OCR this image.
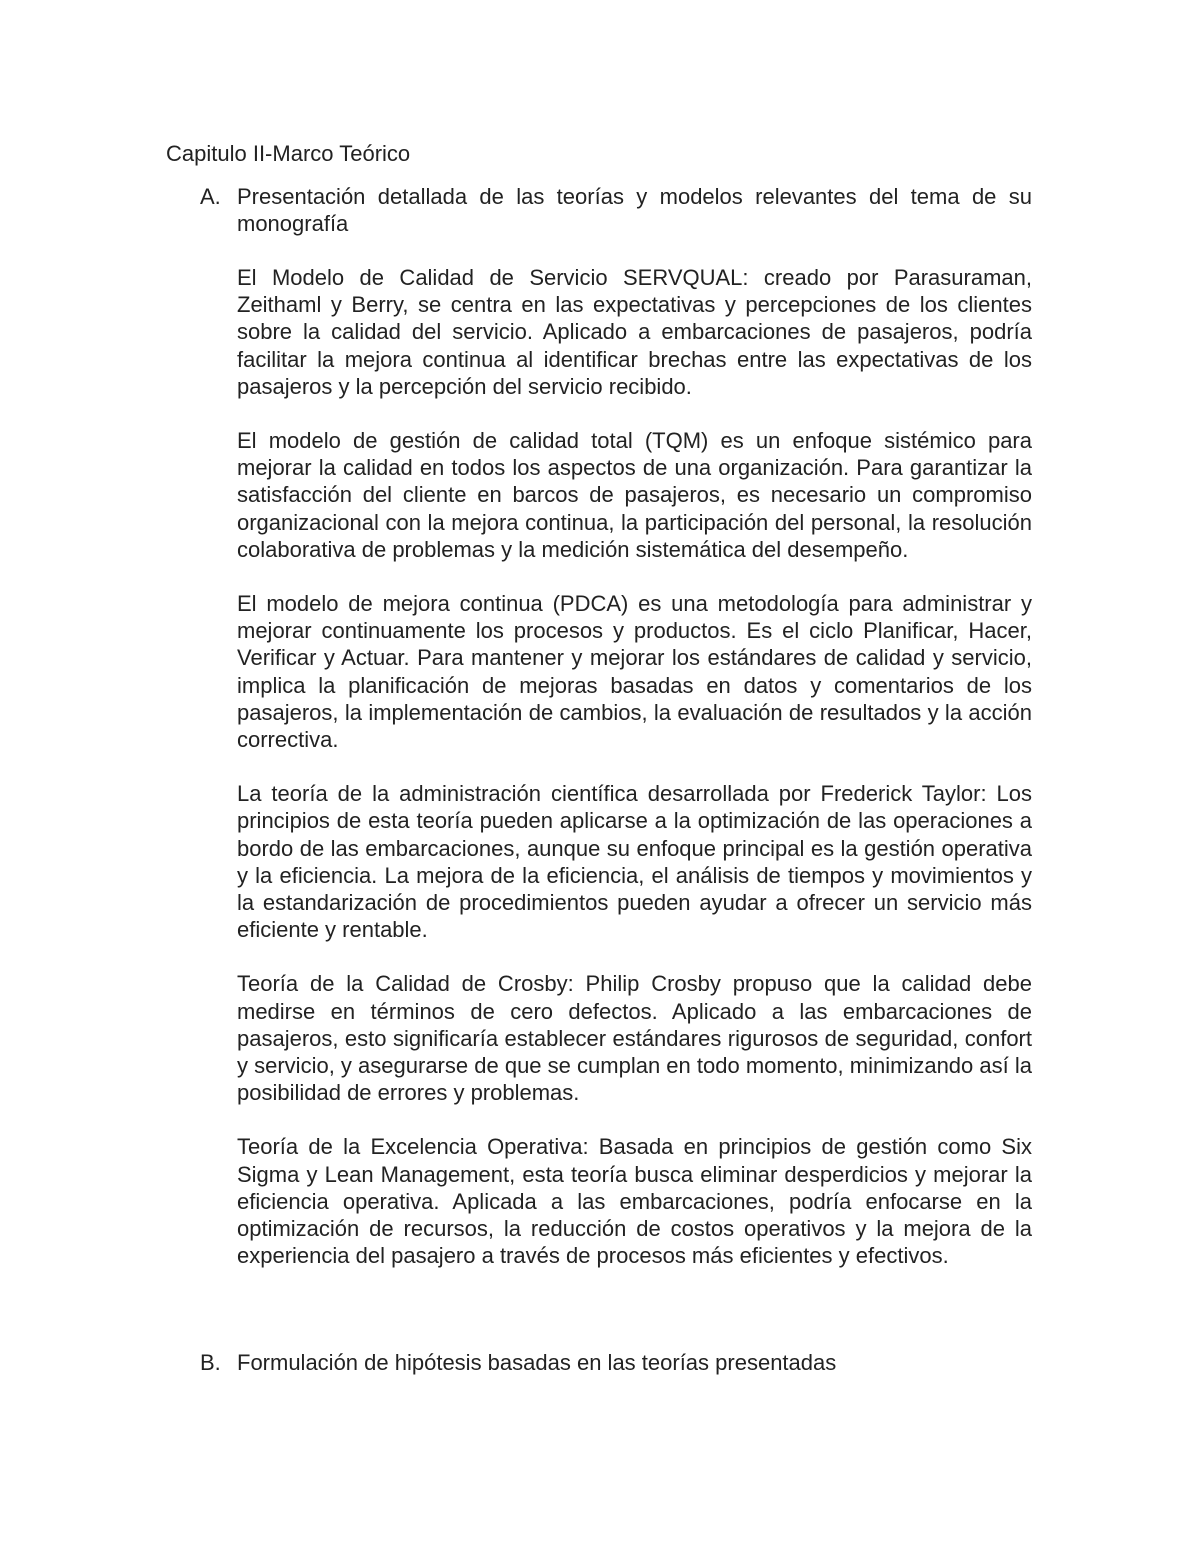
Capitulo II-Marco Teórico

A. Presentación detallada de las teorías y modelos relevantes del tema de su monografía

El Modelo de Calidad de Servicio SERVQUAL: creado por Parasuraman, Zeithaml y Berry, se centra en las expectativas y percepciones de los clientes sobre la calidad del servicio. Aplicado a embarcaciones de pasajeros, podría facilitar la mejora continua al identificar brechas entre las expectativas de los pasajeros y la percepción del servicio recibido.

El modelo de gestión de calidad total (TQM) es un enfoque sistémico para mejorar la calidad en todos los aspectos de una organización. Para garantizar la satisfacción del cliente en barcos de pasajeros, es necesario un compromiso organizacional con la mejora continua, la participación del personal, la resolución colaborativa de problemas y la medición sistemática del desempeño.

El modelo de mejora continua (PDCA) es una metodología para administrar y mejorar continuamente los procesos y productos. Es el ciclo Planificar, Hacer, Verificar y Actuar. Para mantener y mejorar los estándares de calidad y servicio, implica la planificación de mejoras basadas en datos y comentarios de los pasajeros, la implementación de cambios, la evaluación de resultados y la acción correctiva.

La teoría de la administración científica desarrollada por Frederick Taylor: Los principios de esta teoría pueden aplicarse a la optimización de las operaciones a bordo de las embarcaciones, aunque su enfoque principal es la gestión operativa y la eficiencia. La mejora de la eficiencia, el análisis de tiempos y movimientos y la estandarización de procedimientos pueden ayudar a ofrecer un servicio más eficiente y rentable.

Teoría de la Calidad de Crosby: Philip Crosby propuso que la calidad debe medirse en términos de cero defectos. Aplicado a las embarcaciones de pasajeros, esto significaría establecer estándares rigurosos de seguridad, confort y servicio, y asegurarse de que se cumplan en todo momento, minimizando así la posibilidad de errores y problemas.

Teoría de la Excelencia Operativa: Basada en principios de gestión como Six Sigma y Lean Management, esta teoría busca eliminar desperdicios y mejorar la eficiencia operativa. Aplicada a las embarcaciones, podría enfocarse en la optimización de recursos, la reducción de costos operativos y la mejora de la experiencia del pasajero a través de procesos más eficientes y efectivos.

B. Formulación de hipótesis basadas en las teorías presentadas
